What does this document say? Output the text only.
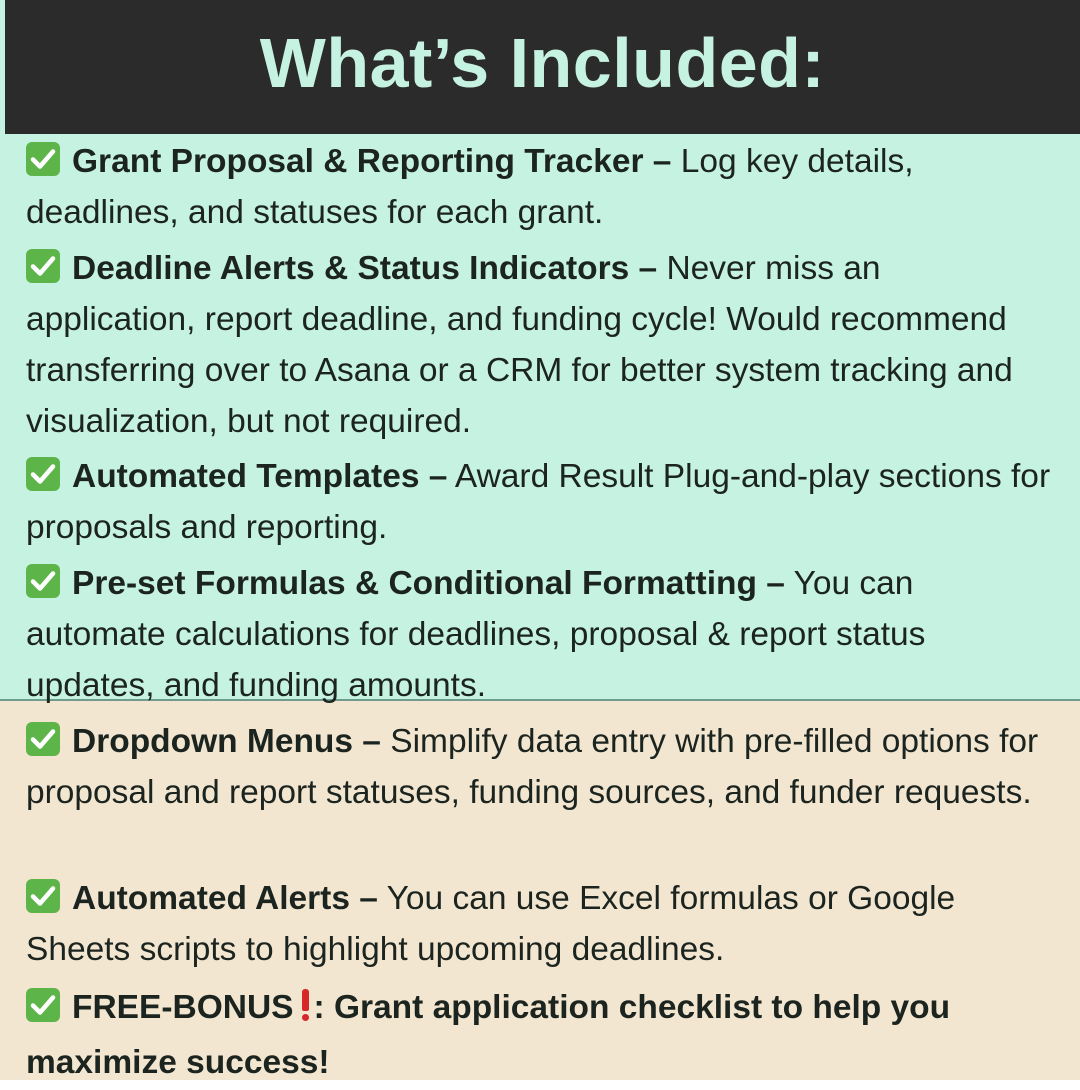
What’s Included:

Grant Proposal & Reporting Tracker – Log key details, deadlines, and statuses for each grant.

Deadline Alerts & Status Indicators – Never miss an application, report deadline, and funding cycle! Would recommend transferring over to Asana or a CRM for better system tracking and visualization, but not required.

Automated Templates – Award Result Plug-and-play sections for proposals and reporting.

Pre-set Formulas & Conditional Formatting – You can automate calculations for deadlines, proposal & report status updates, and funding amounts.

Dropdown Menus – Simplify data entry with pre-filled options for proposal and report statuses, funding sources, and funder requests.

Automated Alerts – You can use Excel formulas or Google Sheets scripts to highlight upcoming deadlines.

FREE-BONUS : Grant application checklist to help you maximize success!
